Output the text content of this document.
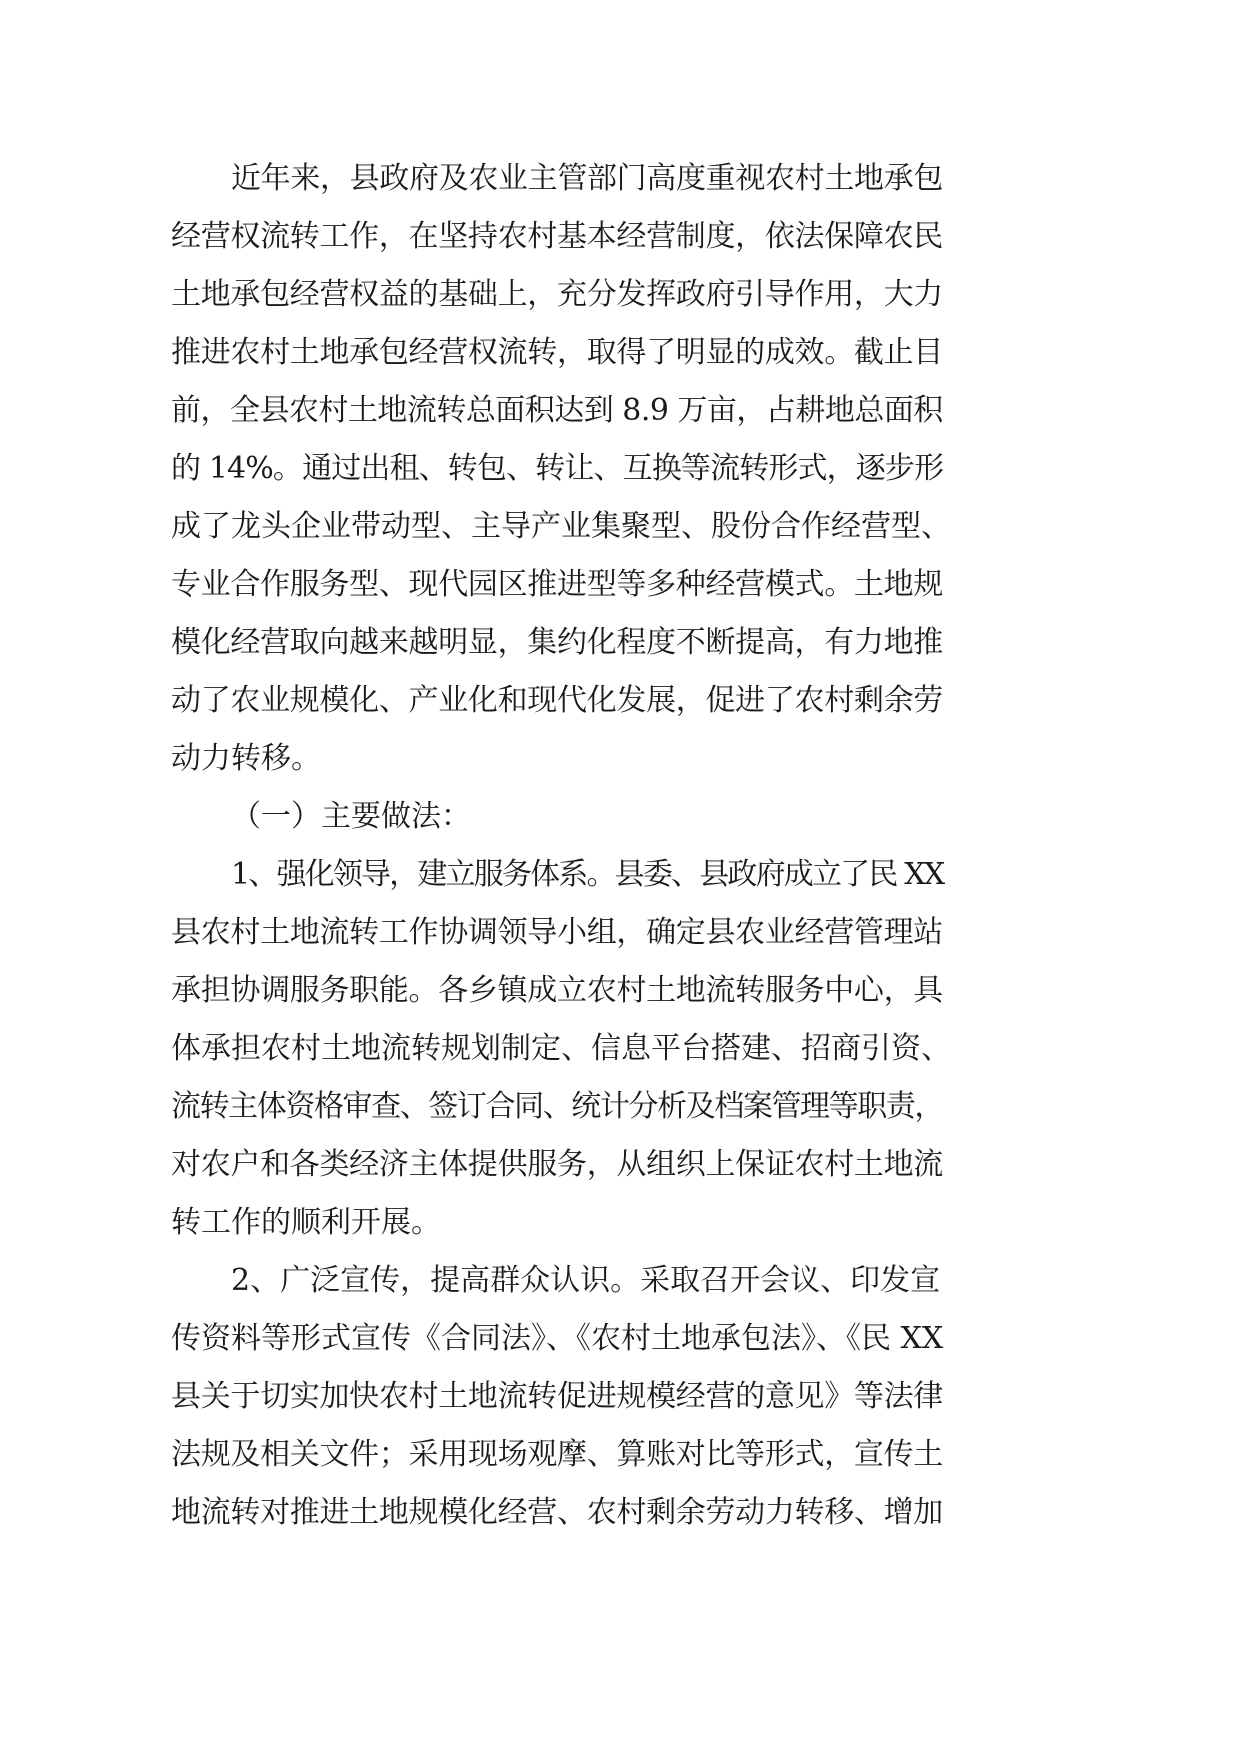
近年来，县政府及农业主管部门高度重视农村土地承包
经营权流转工作，在坚持农村基本经营制度，依法保障农民
土地承包经营权益的基础上，充分发挥政府引导作用，大力
推进农村土地承包经营权流转，取得了明显的成效。截止目
前，全县农村土地流转总面积达到 8.9 万亩，占耕地总面积
的 14%。通过出租、转包、转让、互换等流转形式，逐步形
成了龙头企业带动型、主导产业集聚型、股份合作经营型、
专业合作服务型、现代园区推进型等多种经营模式。土地规
模化经营取向越来越明显，集约化程度不断提高，有力地推
动了农业规模化、产业化和现代化发展，促进了农村剩余劳
动力转移。
（一）主要做法：
1、强化领导，建立服务体系。县委、县政府成立了民 XX
县农村土地流转工作协调领导小组，确定县农业经营管理站
承担协调服务职能。各乡镇成立农村土地流转服务中心，具
体承担农村土地流转规划制定、信息平台搭建、招商引资、
流转主体资格审查、签订合同、统计分析及档案管理等职责，
对农户和各类经济主体提供服务，从组织上保证农村土地流
转工作的顺利开展。
2、广泛宣传，提高群众认识。采取召开会议、印发宣
传资料等形式宣传《合同法》、《农村土地承包法》、《民 XX
县关于切实加快农村土地流转促进规模经营的意见》等法律
法规及相关文件；采用现场观摩、算账对比等形式，宣传土
地流转对推进土地规模化经营、农村剩余劳动力转移、增加
